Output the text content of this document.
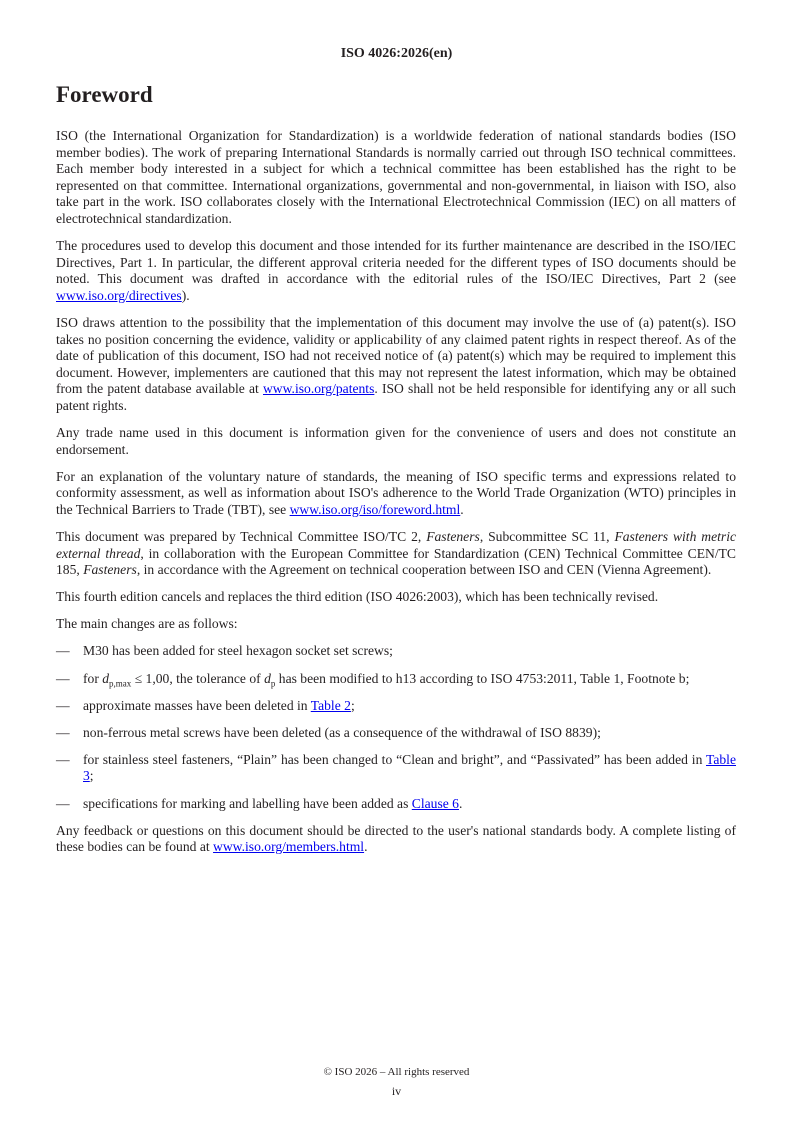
ISO 4026:2026(en)
Foreword

ISO (the International Organization for Standardization) is a worldwide federation of national standards bodies (ISO member bodies). The work of preparing International Standards is normally carried out through ISO technical committees. Each member body interested in a subject for which a technical committee has been established has the right to be represented on that committee. International organizations, governmental and non-governmental, in liaison with ISO, also take part in the work. ISO collaborates closely with the International Electrotechnical Commission (IEC) on all matters of electrotechnical standardization.

The procedures used to develop this document and those intended for its further maintenance are described in the ISO/IEC Directives, Part 1. In particular, the different approval criteria needed for the different types of ISO documents should be noted. This document was drafted in accordance with the editorial rules of the ISO/IEC Directives, Part 2 (see www.iso.org/directives).

ISO draws attention to the possibility that the implementation of this document may involve the use of (a) patent(s). ISO takes no position concerning the evidence, validity or applicability of any claimed patent rights in respect thereof. As of the date of publication of this document, ISO had not received notice of (a) patent(s) which may be required to implement this document. However, implementers are cautioned that this may not represent the latest information, which may be obtained from the patent database available at www.iso.org/patents. ISO shall not be held responsible for identifying any or all such patent rights.

Any trade name used in this document is information given for the convenience of users and does not constitute an endorsement.

For an explanation of the voluntary nature of standards, the meaning of ISO specific terms and expressions related to conformity assessment, as well as information about ISO's adherence to the World Trade Organization (WTO) principles in the Technical Barriers to Trade (TBT), see www.iso.org/iso/foreword.html.

This document was prepared by Technical Committee ISO/TC 2, Fasteners, Subcommittee SC 11, Fasteners with metric external thread, in collaboration with the European Committee for Standardization (CEN) Technical Committee CEN/TC 185, Fasteners, in accordance with the Agreement on technical cooperation between ISO and CEN (Vienna Agreement).

This fourth edition cancels and replaces the third edition (ISO 4026:2003), which has been technically revised.

The main changes are as follows:

— M30 has been added for steel hexagon socket set screws;
— for $d_{p,max} \le 1,00$, the tolerance of $d_p$ has been modified to h13 according to ISO 4753:2011, Table 1, Footnote b;
— approximate masses have been deleted in Table 2;
— non-ferrous metal screws have been deleted (as a consequence of the withdrawal of ISO 8839);
— for stainless steel fasteners, “Plain” has been changed to “Clean and bright”, and “Passivated” has been added in Table 3;
— specifications for marking and labelling have been added as Clause 6.

Any feedback or questions on this document should be directed to the user's national standards body. A complete listing of these bodies can be found at www.iso.org/members.html.

© ISO 2026 – All rights reserved
iv
